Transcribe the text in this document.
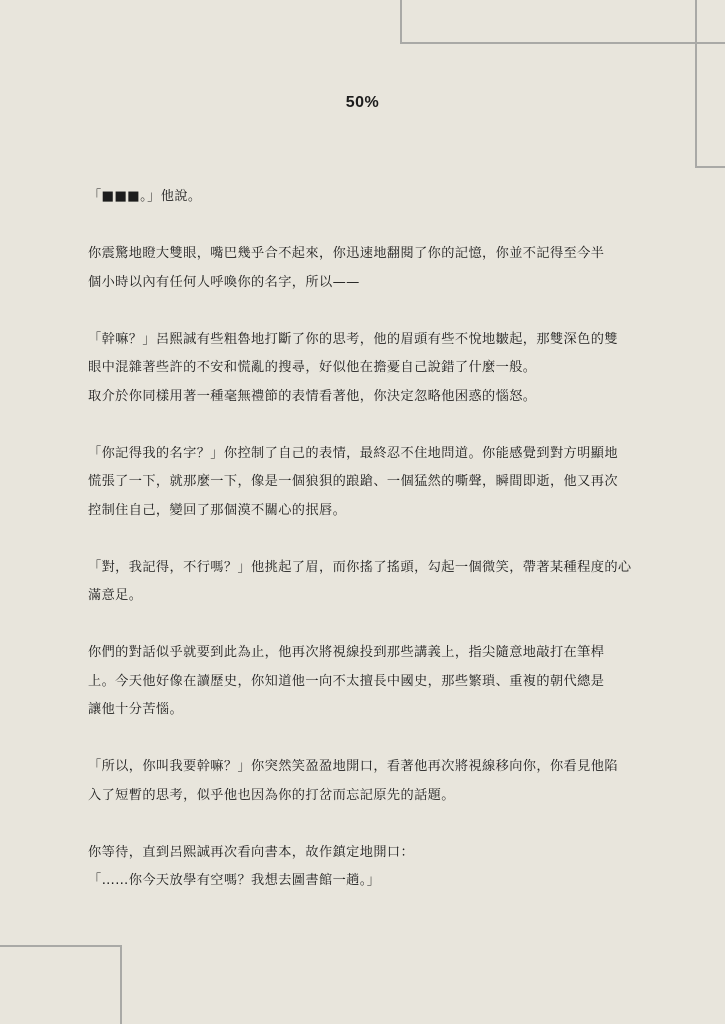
50%

「■■■。」他說。

你震驚地瞪大雙眼，嘴巴幾乎合不起來，你迅速地翻閱了你的記憶，你並不記得至今半
個小時以內有任何人呼喚你的名字，所以——

「幹嘛？」呂熙誠有些粗魯地打斷了你的思考，他的眉頭有些不悅地皺起，那雙深色的雙
眼中混雜著些許的不安和慌亂的搜尋，好似他在擔憂自己說錯了什麼一般。
取介於你同樣用著一種毫無禮節的表情看著他，你決定忽略他困惑的惱怒。

「你記得我的名字？」你控制了自己的表情，最終忍不住地問道。你能感覺到對方明顯地
慌張了一下，就那麼一下，像是一個狼狽的踉蹌、一個猛然的嘶聲，瞬間即逝，他又再次
控制住自己，變回了那個漠不關心的抿唇。

「對，我記得，不行嗎？」他挑起了眉，而你搖了搖頭，勾起一個微笑，帶著某種程度的心
滿意足。

你們的對話似乎就要到此為止，他再次將視線投到那些講義上，指尖隨意地敲打在筆桿
上。今天他好像在讀歷史，你知道他一向不太擅長中國史，那些繁瑣、重複的朝代總是
讓他十分苦惱。

「所以，你叫我要幹嘛？」你突然笑盈盈地開口，看著他再次將視線移向你，你看見他陷
入了短暫的思考，似乎他也因為你的打岔而忘記原先的話題。

你等待，直到呂熙誠再次看向書本，故作鎮定地開口：
「……你今天放學有空嗎？我想去圖書館一趟。」
